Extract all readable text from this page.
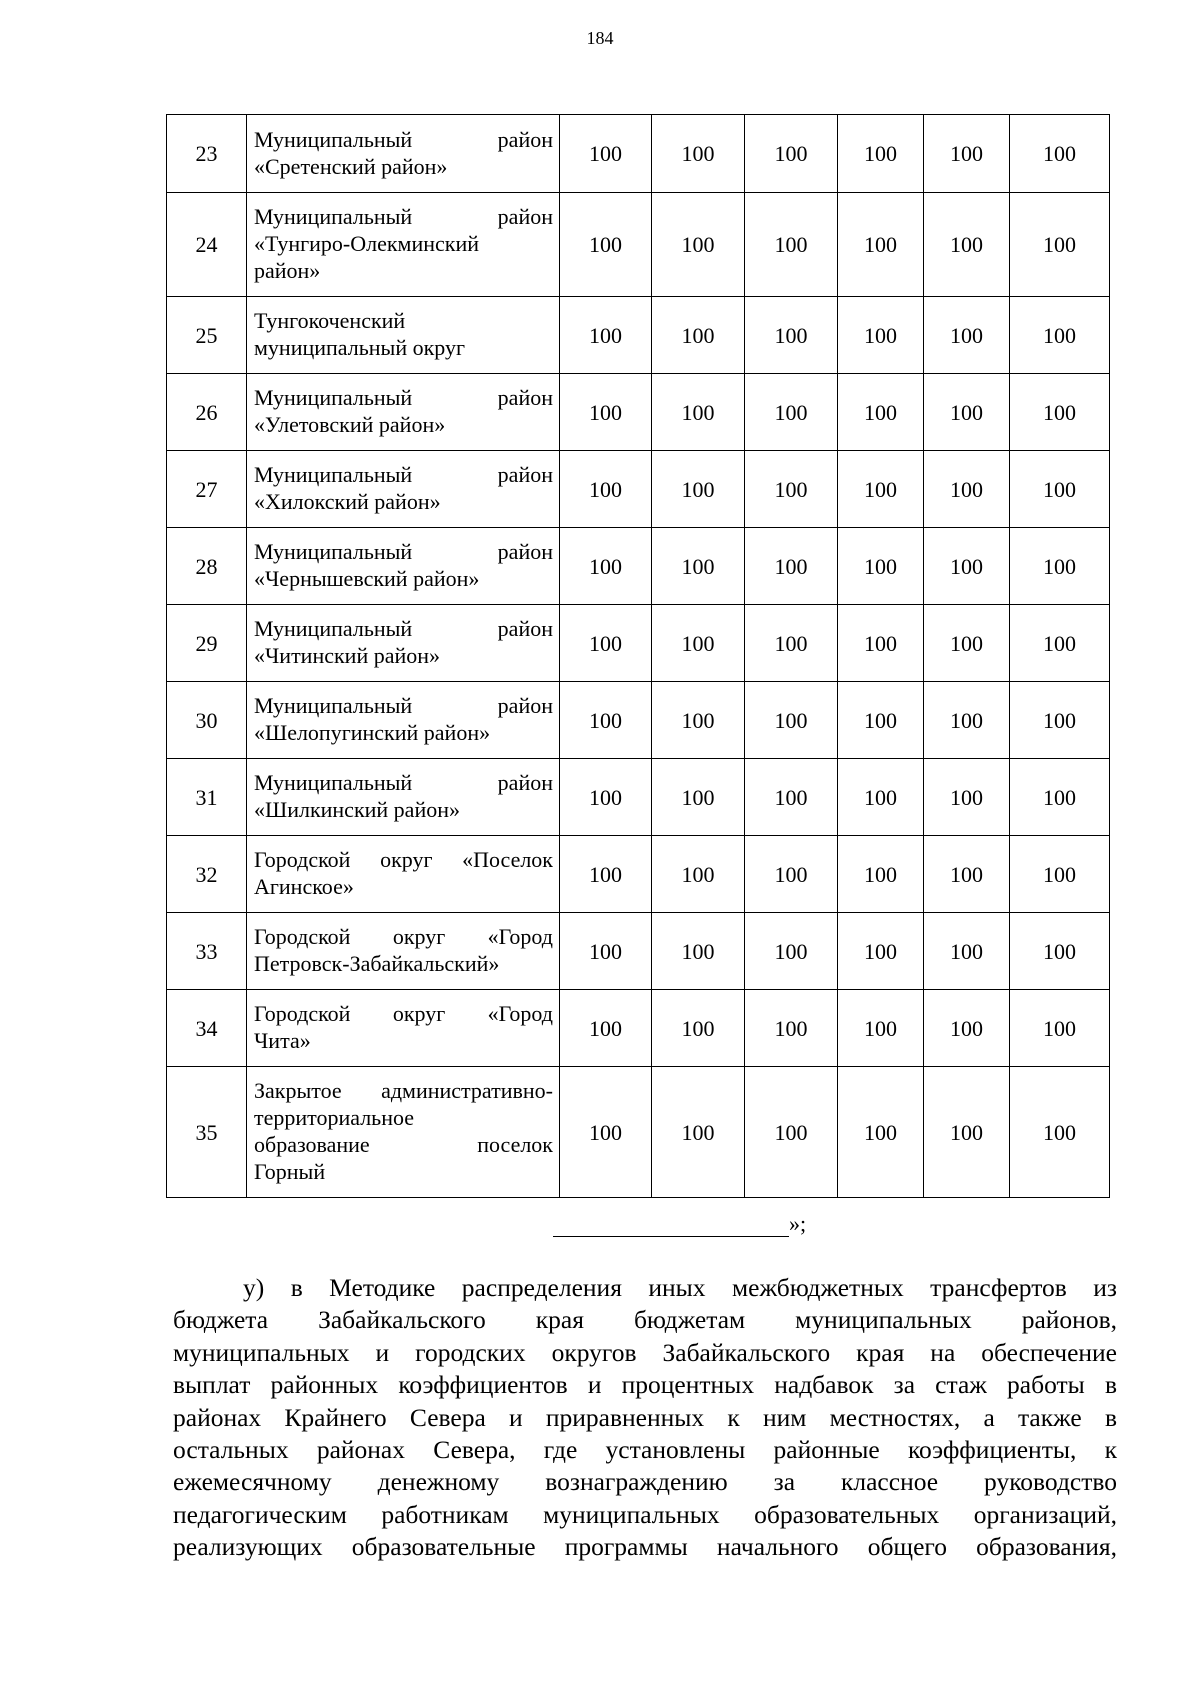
184
23	Муниципальный район
«Сретенский район»	100	100	100	100	100	100
24	Муниципальный район
«Тунгиро-Олекминский
район»	100	100	100	100	100	100
25	Тунгокоченский
муниципальный округ	100	100	100	100	100	100
26	Муниципальный район
«Улетовский район»	100	100	100	100	100	100
27	Муниципальный район
«Хилокский район»	100	100	100	100	100	100
28	Муниципальный район
«Чернышевский район»	100	100	100	100	100	100
29	Муниципальный район
«Читинский район»	100	100	100	100	100	100
30	Муниципальный район
«Шелопугинский район»	100	100	100	100	100	100
31	Муниципальный район
«Шилкинский район»	100	100	100	100	100	100
32	Городской округ «Поселок
Агинское»	100	100	100	100	100	100
33	Городской округ «Город
Петровск-Забайкальский»	100	100	100	100	100	100
34	Городской округ «Город
Чита»	100	100	100	100	100	100
35	Закрытое административно-
территориальное
образование поселок
Горный	100	100	100	100	100	100
»;
у) в Методике распределения иных межбюджетных трансфертов из
бюджета Забайкальского края бюджетам муниципальных районов,
муниципальных и городских округов Забайкальского края на обеспечение
выплат районных коэффициентов и процентных надбавок за стаж работы в
районах Крайнего Севера и приравненных к ним местностях, а также в
остальных районах Севера, где установлены районные коэффициенты, к
ежемесячному денежному вознаграждению за классное руководство
педагогическим работникам муниципальных образовательных организаций,
реализующих образовательные программы начального общего образования,
